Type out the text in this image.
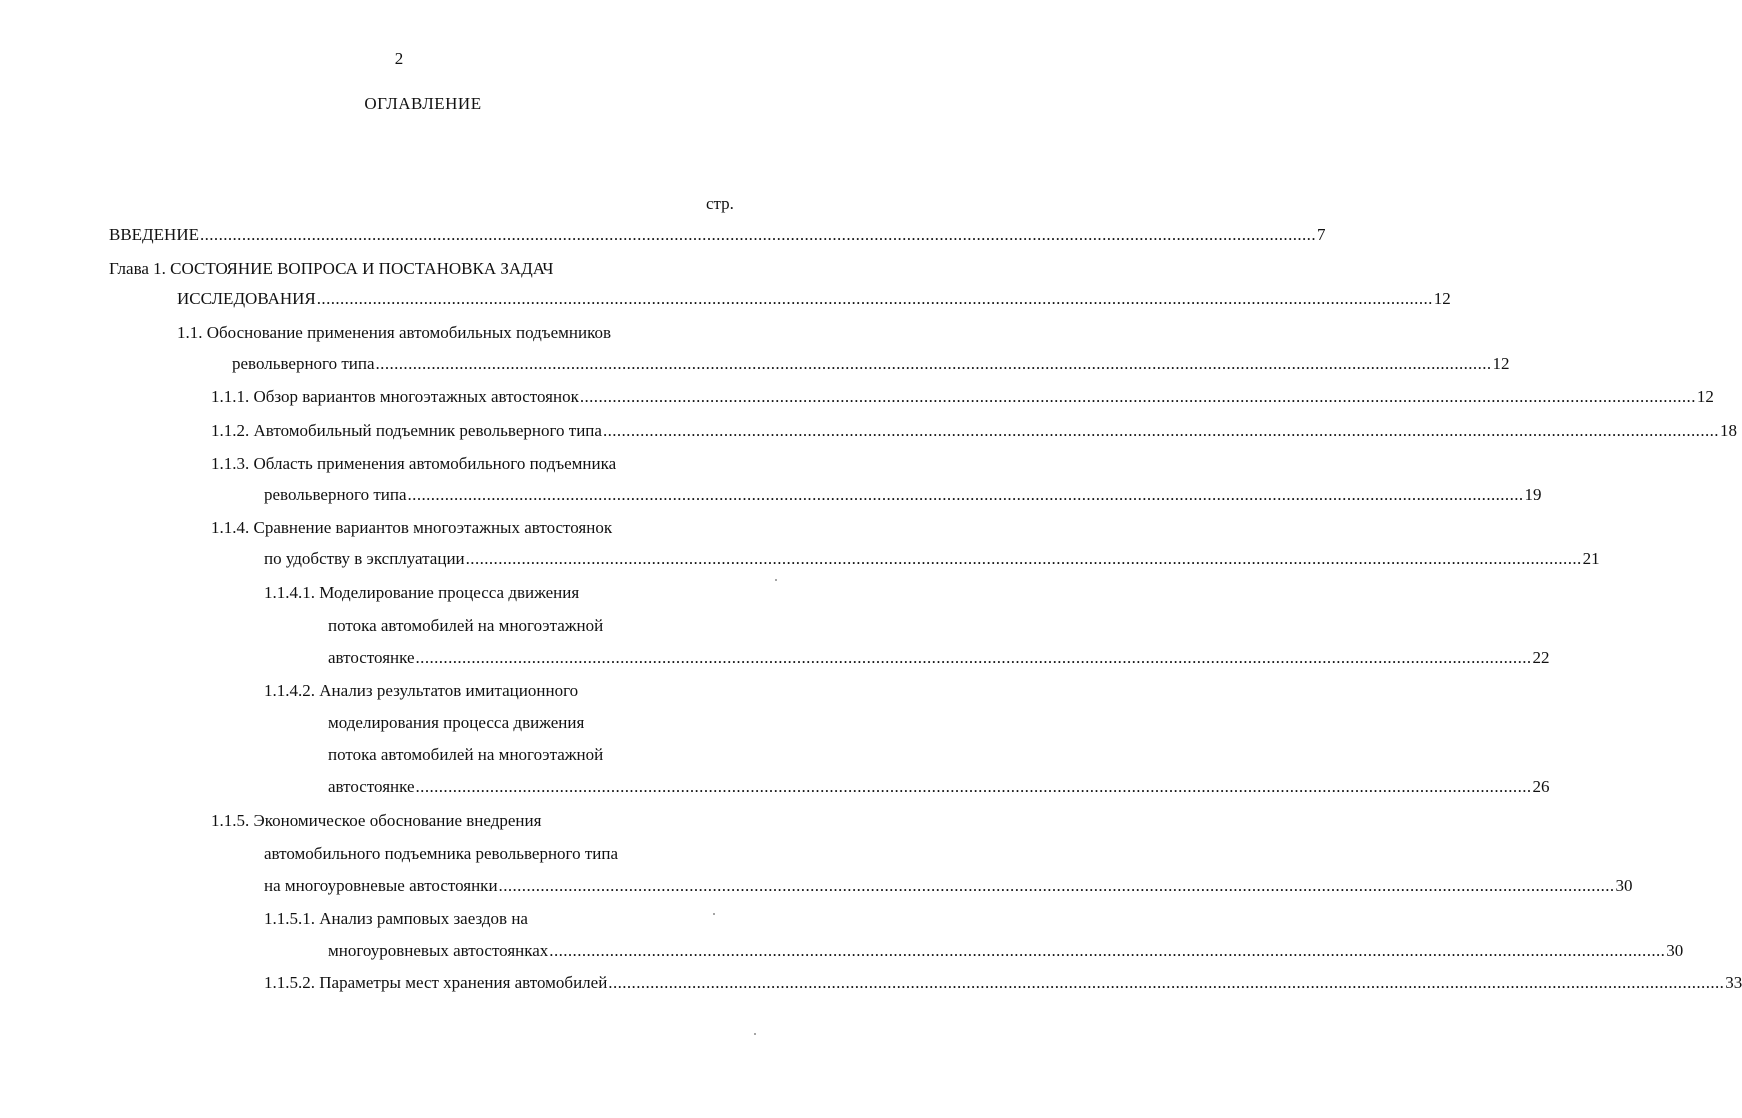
2
ОГЛАВЛЕНИЕ
стр.
ВВЕДЕНИЕ ................................................................................................................................................................................................................................................ 7
Глава 1. СОСТОЯНИЕ ВОПРОСА И ПОСТАНОВКА ЗАДАЧ
ИССЛЕДОВАНИЯ ................................................................................................................................................................................................................................................ 12
1.1. Обоснование применения автомобильных подъемников
револьверного типа ................................................................................................................................................................................................................................................ 12
1.1.1. Обзор вариантов многоэтажных автостоянок ................................................................................................................................................................................................................................................ 12
1.1.2. Автомобильный подъемник револьверного типа ................................................................................................................................................................................................................................................ 18
1.1.3. Область применения автомобильного подъемника
револьверного типа ................................................................................................................................................................................................................................................ 19
1.1.4. Сравнение вариантов многоэтажных автостоянок
по удобству в эксплуатации ................................................................................................................................................................................................................................................ 21
1.1.4.1. Моделирование процесса движения
потока автомобилей на многоэтажной
автостоянке ................................................................................................................................................................................................................................................ 22
1.1.4.2. Анализ результатов имитационного
моделирования процесса движения
потока автомобилей на многоэтажной
автостоянке ................................................................................................................................................................................................................................................ 26
1.1.5. Экономическое обоснование внедрения
автомобильного подъемника револьверного типа
на многоуровневые автостоянки ................................................................................................................................................................................................................................................ 30
1.1.5.1. Анализ рамповых заездов на
многоуровневых автостоянках ................................................................................................................................................................................................................................................ 30
1.1.5.2. Параметры мест хранения автомобилей ................................................................................................................................................................................................................................................ 33
